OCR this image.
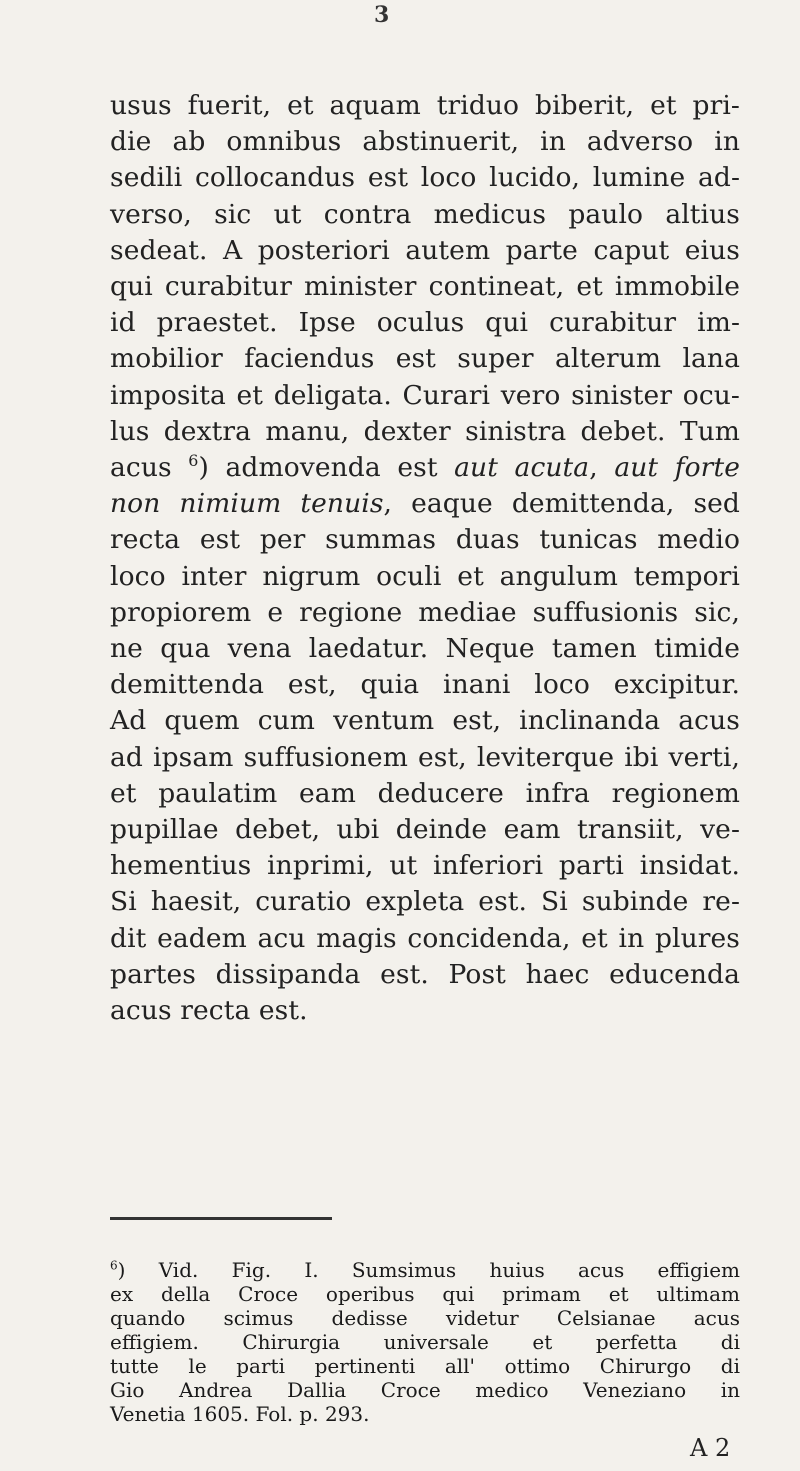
3
usus fuerit, et aquam triduo biberit, et pri-
die ab omnibus abstinuerit, in adverso in
sedili collocandus est loco lucido, lumine ad-
verso, sic ut contra medicus paulo altius
sedeat. A posteriori autem parte caput eius
qui curabitur minister contineat, et immobile
id praestet. Ipse oculus qui curabitur im-
mobilior faciendus est super alterum lana
imposita et deligata. Curari vero sinister ocu-
lus dextra manu, dexter sinistra debet. Tum
acus $^6$) admovenda est aut acuta, aut forte
non nimium tenuis, eaque demittenda, sed
recta est per summas duas tunicas medio
loco inter nigrum oculi et angulum tempori
propiorem e regione mediae suffusionis sic,
ne qua vena laedatur. Neque tamen timide
demittenda est, quia inani loco excipitur.
Ad quem cum ventum est, inclinanda acus
ad ipsam suffusionem est, leviterque ibi verti,
et paulatim eam deducere infra regionem
pupillae debet, ubi deinde eam transiit, ve-
hementius inprimi, ut inferiori parti insidat.
Si haesit, curatio expleta est. Si subinde re-
dit eadem acu magis concidenda, et in plures
partes dissipanda est. Post haec educenda
acus recta est.
$^6$) Vid. Fig. I. Sumsimus huius acus effigiem
ex della Croce operibus qui primam et ultimam
quando scimus dedisse videtur Celsianae acus
effigiem. Chirurgia universale et perfetta di
tutte le parti pertinenti all' ottimo Chirurgo di
Gio Andrea Dallia Croce medico Veneziano in
Venetia 1605. Fol. p. 293.
A 2
